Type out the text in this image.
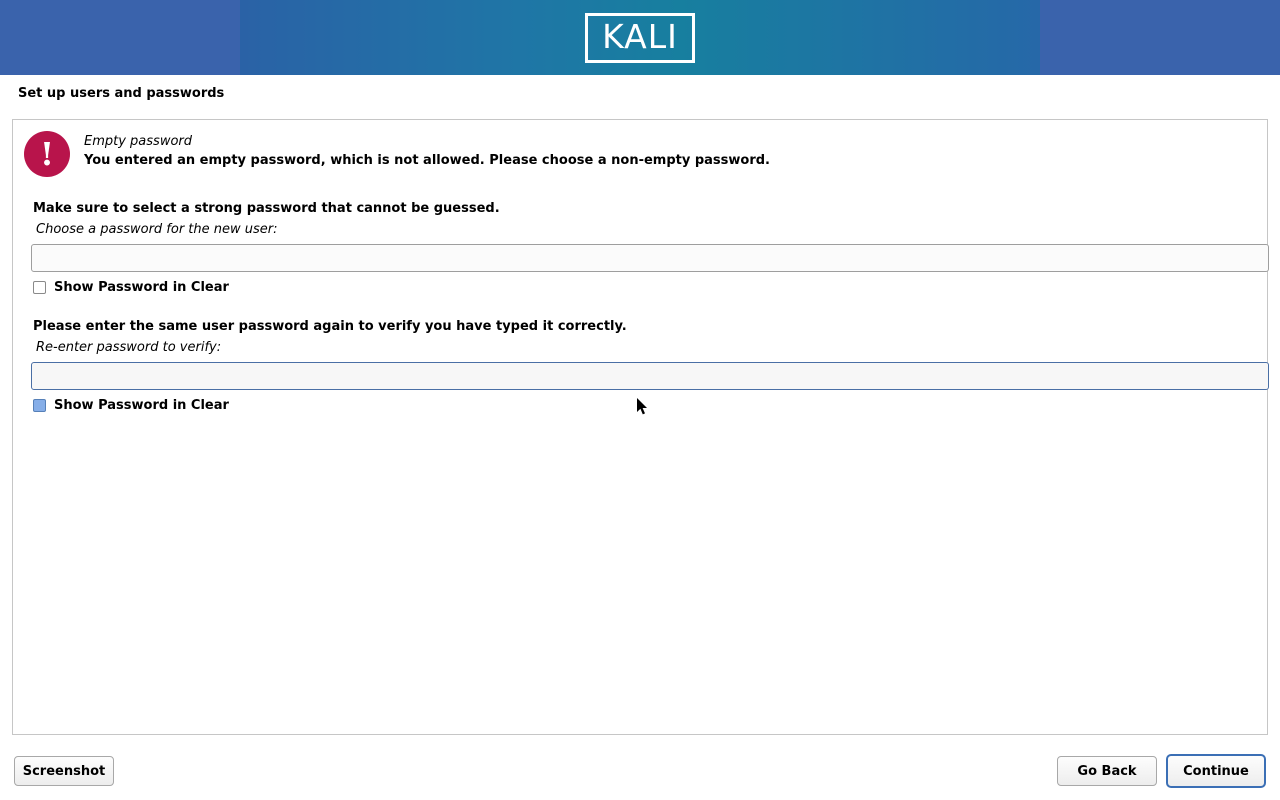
KALI
Set up users and passwords
!	Empty password
You entered an empty password, which is not allowed. Please choose a non-empty password.
Make sure to select a strong password that cannot be guessed.
Choose a password for the new user:
Show Password in Clear
Please enter the same user password again to verify you have typed it correctly.
Re-enter password to verify:
Show Password in Clear
Screenshot	Go Back	Continue
